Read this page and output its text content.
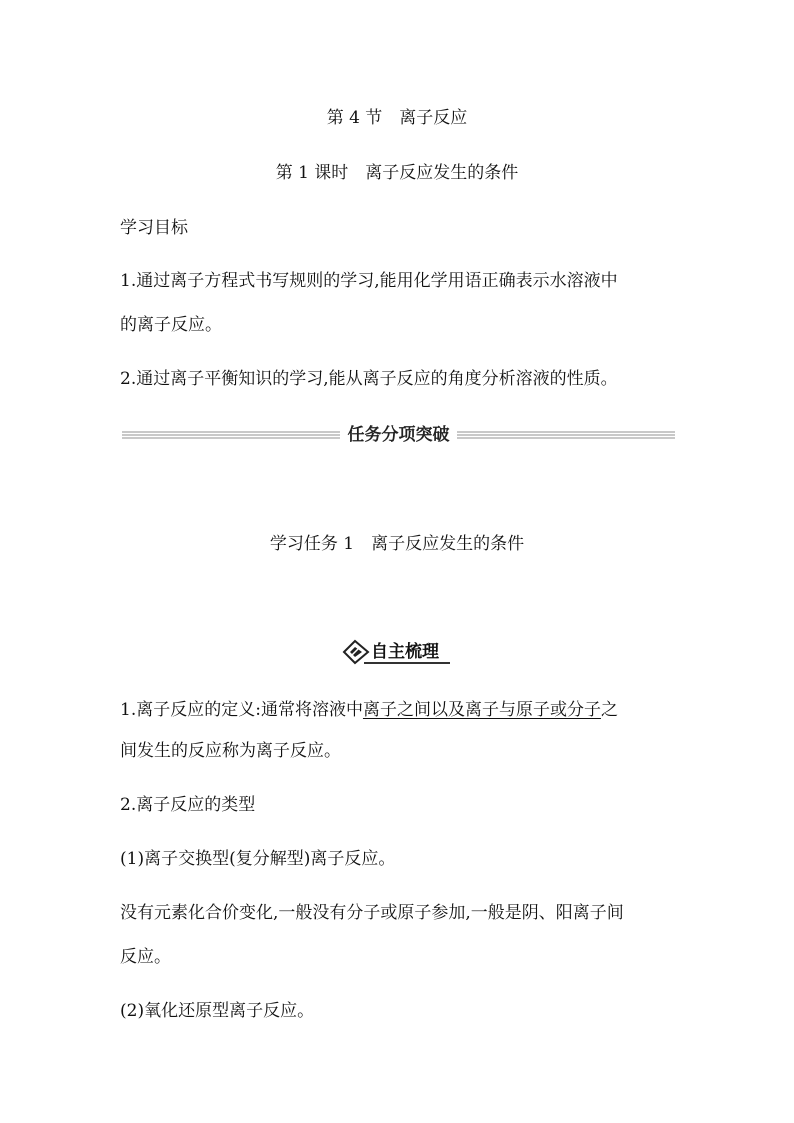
第 4 节　离子反应
第 1 课时　离子反应发生的条件
学习目标
1.通过离子方程式书写规则的学习,能用化学用语正确表示水溶液中
的离子反应。
2.通过离子平衡知识的学习,能从离子反应的角度分析溶液的性质。
任务分项突破
学习任务 1　离子反应发生的条件
自主梳理
1.离子反应的定义:通常将溶液中离子之间以及离子与原子或分子之
间发生的反应称为离子反应。
2.离子反应的类型
(1)离子交换型(复分解型)离子反应。
没有元素化合价变化,一般没有分子或原子参加,一般是阴、阳离子间
反应。
(2)氧化还原型离子反应。
